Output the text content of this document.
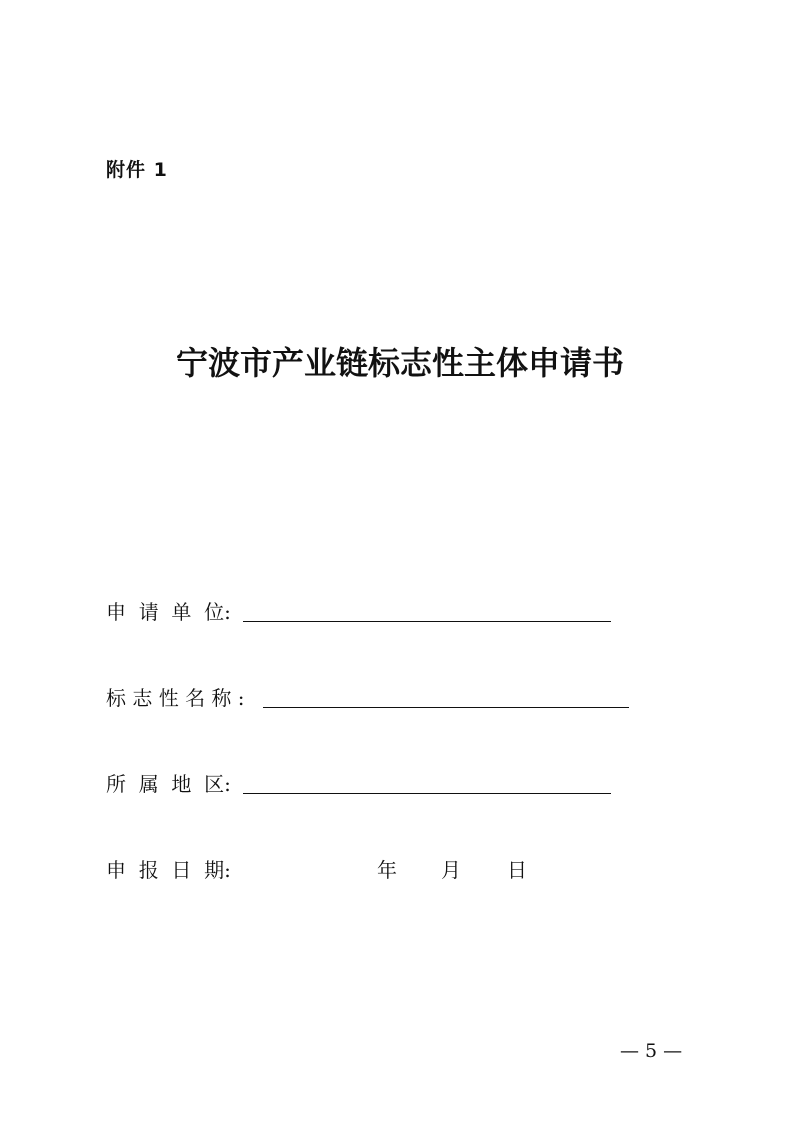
附件 1
宁波市产业链标志性主体申请书
申  请  单  位:
标 志 性 名 称 :
所  属  地  区:
申  报  日  期:	年 月 日
— 5 —
